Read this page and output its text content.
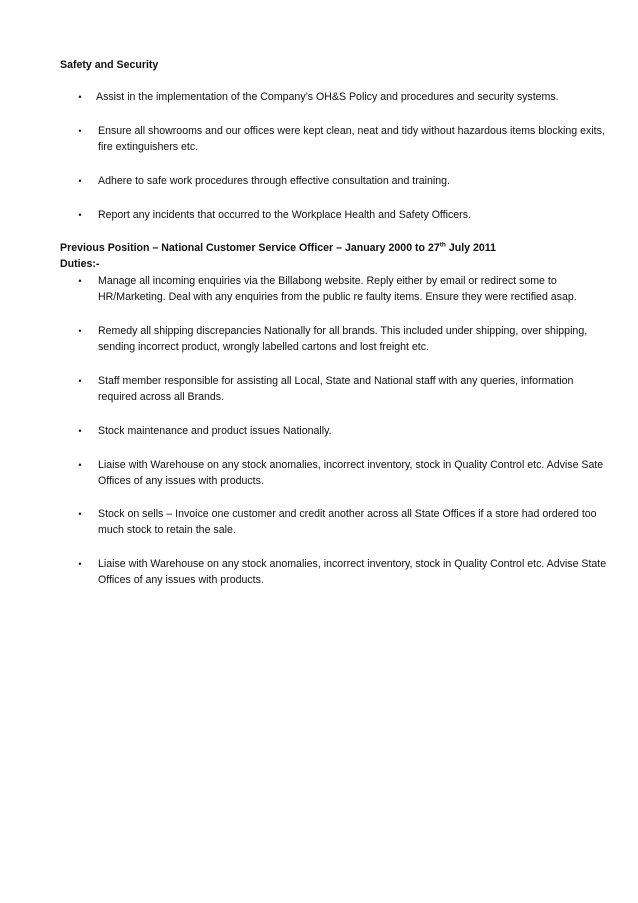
Safety and Security
• Assist in the implementation of the Company’s OH&S Policy and procedures and security systems.
• Ensure all showrooms and our offices were kept clean, neat and tidy without hazardous items blocking exits, fire extinguishers etc.
• Adhere to safe work procedures through effective consultation and training.
• Report any incidents that occurred to the Workplace Health and Safety Officers.
Previous Position – National Customer Service Officer – January 2000 to 27th July 2011
Duties:-
• Manage all incoming enquiries via the Billabong website. Reply either by email or redirect some to HR/Marketing. Deal with any enquiries from the public re faulty items. Ensure they were rectified asap.
• Remedy all shipping discrepancies Nationally for all brands. This included under shipping, over shipping, sending incorrect product, wrongly labelled cartons and lost freight etc.
• Staff member responsible for assisting all Local, State and National staff with any queries, information required across all Brands.
• Stock maintenance and product issues Nationally.
• Liaise with Warehouse on any stock anomalies, incorrect inventory, stock in Quality Control etc. Advise Sate Offices of any issues with products.
• Stock on sells – Invoice one customer and credit another across all State Offices if a store had ordered too much stock to retain the sale.
• Liaise with Warehouse on any stock anomalies, incorrect inventory, stock in Quality Control etc. Advise State Offices of any issues with products.
